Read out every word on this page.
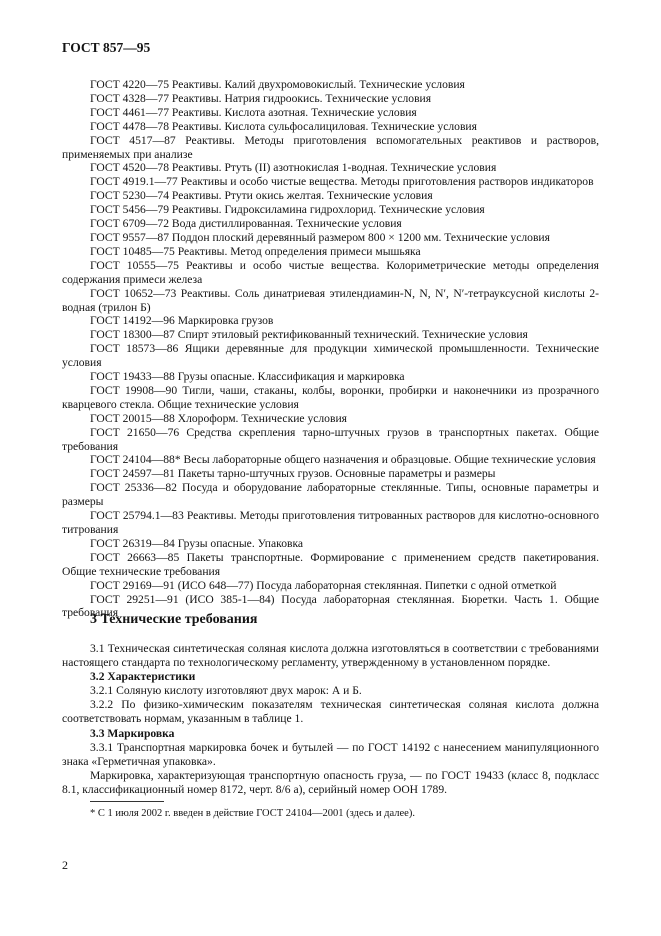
ГОСТ 857—95
ГОСТ 4220—75 Реактивы. Калий двухромовокислый. Технические условия
ГОСТ 4328—77 Реактивы. Натрия гидроокись. Технические условия
ГОСТ 4461—77 Реактивы. Кислота азотная. Технические условия
ГОСТ 4478—78 Реактивы. Кислота сульфосалициловая. Технические условия
ГОСТ 4517—87 Реактивы. Методы приготовления вспомогательных реактивов и растворов, применяемых при анализе
ГОСТ 4520—78 Реактивы. Ртуть (II) азотнокислая 1-водная. Технические условия
ГОСТ 4919.1—77 Реактивы и особо чистые вещества. Методы приготовления растворов индикаторов
ГОСТ 5230—74 Реактивы. Ртути окись желтая. Технические условия
ГОСТ 5456—79 Реактивы. Гидроксиламина гидрохлорид. Технические условия
ГОСТ 6709—72 Вода дистиллированная. Технические условия
ГОСТ 9557—87 Поддон плоский деревянный размером 800 × 1200 мм. Технические условия
ГОСТ 10485—75 Реактивы. Метод определения примеси мышьяка
ГОСТ 10555—75 Реактивы и особо чистые вещества. Колориметрические методы определения содержания примеси железа
ГОСТ 10652—73 Реактивы. Соль динатриевая этилендиамин-N, N, N′, N′-тетрауксусной кислоты 2-водная (трилон Б)
ГОСТ 14192—96 Маркировка грузов
ГОСТ 18300—87 Спирт этиловый ректификованный технический. Технические условия
ГОСТ 18573—86 Ящики деревянные для продукции химической промышленности. Технические условия
ГОСТ 19433—88 Грузы опасные. Классификация и маркировка
ГОСТ 19908—90 Тигли, чаши, стаканы, колбы, воронки, пробирки и наконечники из прозрачного кварцевого стекла. Общие технические условия
ГОСТ 20015—88 Хлороформ. Технические условия
ГОСТ 21650—76 Средства скрепления тарно-штучных грузов в транспортных пакетах. Общие требования
ГОСТ 24104—88* Весы лабораторные общего назначения и образцовые. Общие технические условия
ГОСТ 24597—81 Пакеты тарно-штучных грузов. Основные параметры и размеры
ГОСТ 25336—82 Посуда и оборудование лабораторные стеклянные. Типы, основные параметры и размеры
ГОСТ 25794.1—83 Реактивы. Методы приготовления титрованных растворов для кислотно-основного титрования
ГОСТ 26319—84 Грузы опасные. Упаковка
ГОСТ 26663—85 Пакеты транспортные. Формирование с применением средств пакетирования. Общие технические требования
ГОСТ 29169—91 (ИСО 648—77) Посуда лабораторная стеклянная. Пипетки с одной отметкой
ГОСТ 29251—91 (ИСО 385-1—84) Посуда лабораторная стеклянная. Бюретки. Часть 1. Общие требования
3 Технические требования
3.1 Техническая синтетическая соляная кислота должна изготовляться в соответствии с требованиями настоящего стандарта по технологическому регламенту, утвержденному в установленном порядке.
3.2 Характеристики
3.2.1 Соляную кислоту изготовляют двух марок: А и Б.
3.2.2 По физико-химическим показателям техническая синтетическая соляная кислота должна соответствовать нормам, указанным в таблице 1.
3.3 Маркировка
3.3.1 Транспортная маркировка бочек и бутылей — по ГОСТ 14192 с нанесением манипуляционного знака «Герметичная упаковка».
Маркировка, характеризующая транспортную опасность груза, — по ГОСТ 19433 (класс 8, подкласс 8.1, классификационный номер 8172, черт. 8/6 а), серийный номер ООН 1789.
* С 1 июля 2002 г. введен в действие ГОСТ 24104—2001 (здесь и далее).
2
